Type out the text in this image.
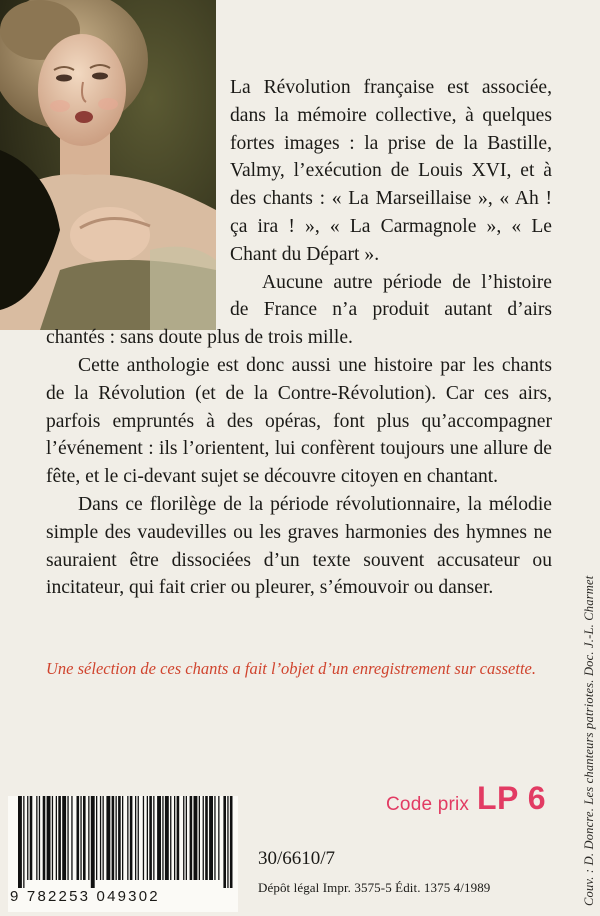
La Révolution française est associée, dans la mémoire collective, à quelques fortes images : la prise de la Bastille, Valmy, l’exécution de Louis XVI, et à des chants : « La Marseillaise », « Ah ! ça ira ! », « La Carmagnole », « Le Chant du Départ ».

Aucune autre période de l’histoire de France n’a produit autant d’airs chantés : sans doute plus de trois mille.

Cette anthologie est donc aussi une histoire par les chants de la Révolution (et de la Contre-Révolution). Car ces airs, parfois empruntés à des opéras, font plus qu’accompagner l’événement : ils l’orientent, lui confèrent toujours une allure de fête, et le ci-devant sujet se découvre citoyen en chantant.

Dans ce florilège de la période révolutionnaire, la mélodie simple des vaudevilles ou les graves harmonies des hymnes ne sauraient être dissociées d’un texte souvent accusateur ou incitateur, qui fait crier ou pleurer, s’émouvoir ou danser.

Une sélection de ces chants a fait l’objet d’un enregistrement sur cassette.	Couv. : D. Doncre. Les chanteurs patriotes. Doc. J.-L. Charmet
Code prix LP 6
9 782253 049302
30/6610/7
Dépôt légal Impr. 3575-5 Édit. 1375 4/1989
